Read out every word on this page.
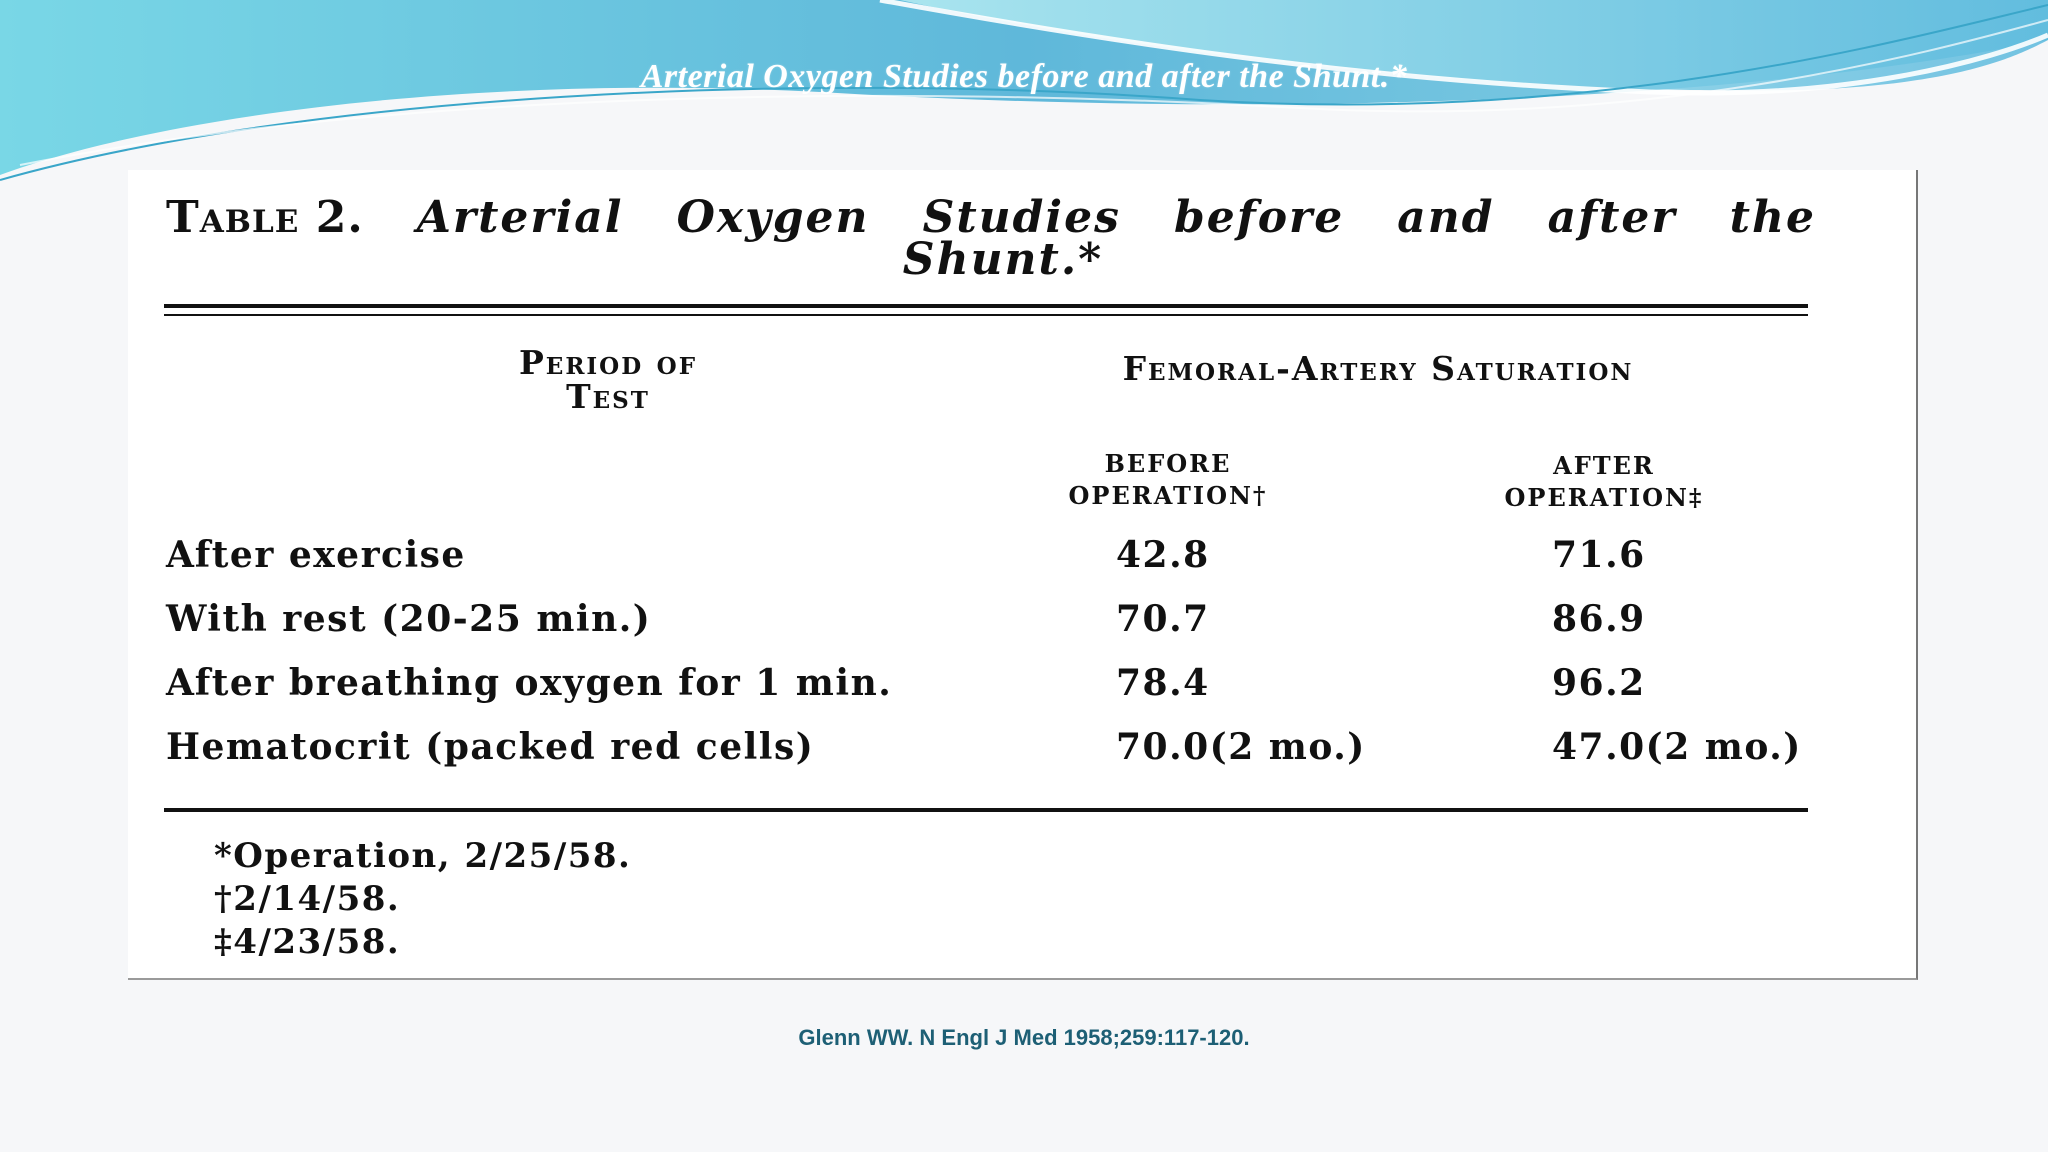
Arterial Oxygen Studies before and after the Shunt.*
Table 2. Arterial Oxygen Studies before and after the
Shunt.*
Period of
Test
Femoral-Artery Saturation
BEFORE
OPERATION†
AFTER
OPERATION‡
After exercise	42.8	71.6
With rest (20-25 min.)	70.7	86.9
After breathing oxygen for 1 min.	78.4	96.2
Hematocrit (packed red cells)	70.0(2 mo.)	47.0(2 mo.)
*Operation, 2/25/58.
†2/14/58.
‡4/23/58.
Glenn WW. N Engl J Med 1958;259:117-120.
